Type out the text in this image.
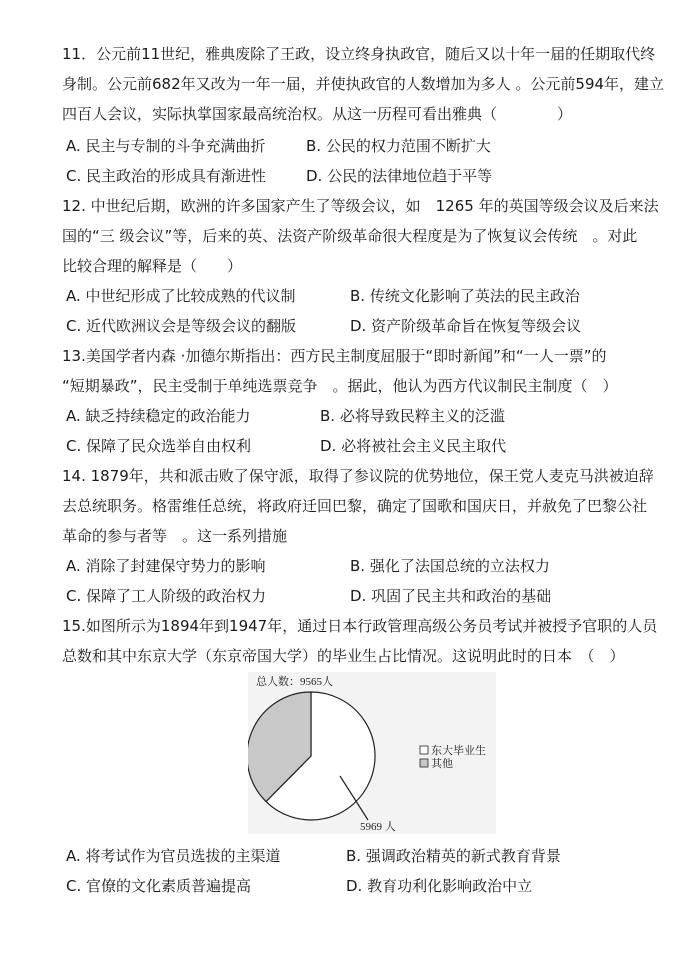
11．公元前11世纪，雅典废除了王政，设立终身执政官，随后又以十年一届的任期取代终
身制。公元前682年又改为一年一届，并使执政官的人数增加为多人 。公元前594年，建立
四百人会议，实际执掌国家最高统治权。从这一历程可看出雅典（　　　　）
A. 民主与专制的斗争充满曲折	B. 公民的权力范围不断扩大
C. 民主政治的形成具有渐进性	D. 公民的法律地位趋于平等
12. 中世纪后期，欧洲的许多国家产生了等级会议，如　1265 年的英国等级会议及后来法
国的“三 级会议”等，后来的英、法资产阶级革命很大程度是为了恢复议会传统　。对此
比较合理的解释是（　　）
A. 中世纪形成了比较成熟的代议制	B. 传统文化影响了英法的民主政治
C. 近代欧洲议会是等级会议的翻版	D. 资产阶级革命旨在恢复等级会议
13.美国学者内森 ·加德尔斯指出：西方民主制度屈服于“即时新闻”和“一人一票”的
“短期暴政”，民主受制于单纯选票竞争　。据此，他认为西方代议制民主制度（　）
A. 缺乏持续稳定的政治能力	B. 必将导致民粹主义的泛滥
C. 保障了民众选举自由权利	D. 必将被社会主义民主取代
14. 1879年，共和派击败了保守派，取得了参议院的优势地位，保王党人麦克马洪被迫辞
去总统职务。格雷维任总统，将政府迁回巴黎，确定了国歌和国庆日，并赦免了巴黎公社
革命的参与者等　。这一系列措施
A. 消除了封建保守势力的影响	B. 强化了法国总统的立法权力
C. 保障了工人阶级的政治权力	D. 巩固了民主共和政治的基础
15.如图所示为1894年到1947年，通过日本行政管理高级公务员考试并被授予官职的人员
总数和其中东京大学（东京帝国大学）的毕业生占比情况。这说明此时的日本　（　）
总人数：9565人
5969 人
东大毕业生
其他
A. 将考试作为官员选拔的主渠道	B. 强调政治精英的新式教育背景
C. 官僚的文化素质普遍提高	D. 教育功利化影响政治中立
